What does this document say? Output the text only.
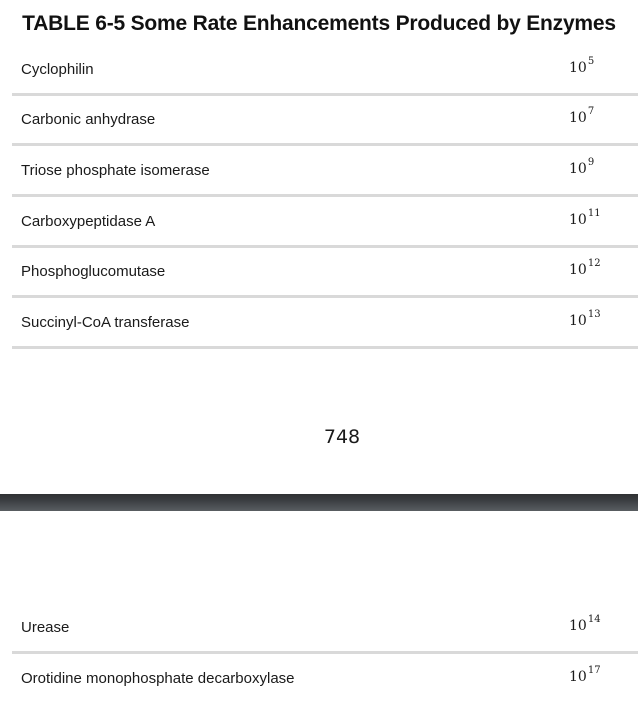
TABLE 6-5 Some Rate Enhancements Produced by Enzymes
Cyclophilin	$10^5$
Carbonic anhydrase	$10^7$
Triose phosphate isomerase	$10^9$
Carboxypeptidase A	$10^{11}$
Phosphoglucomutase	$10^{12}$
Succinyl-CoA transferase	$10^{13}$
748
Urease	$10^{14}$
Orotidine monophosphate decarboxylase	$10^{17}$
